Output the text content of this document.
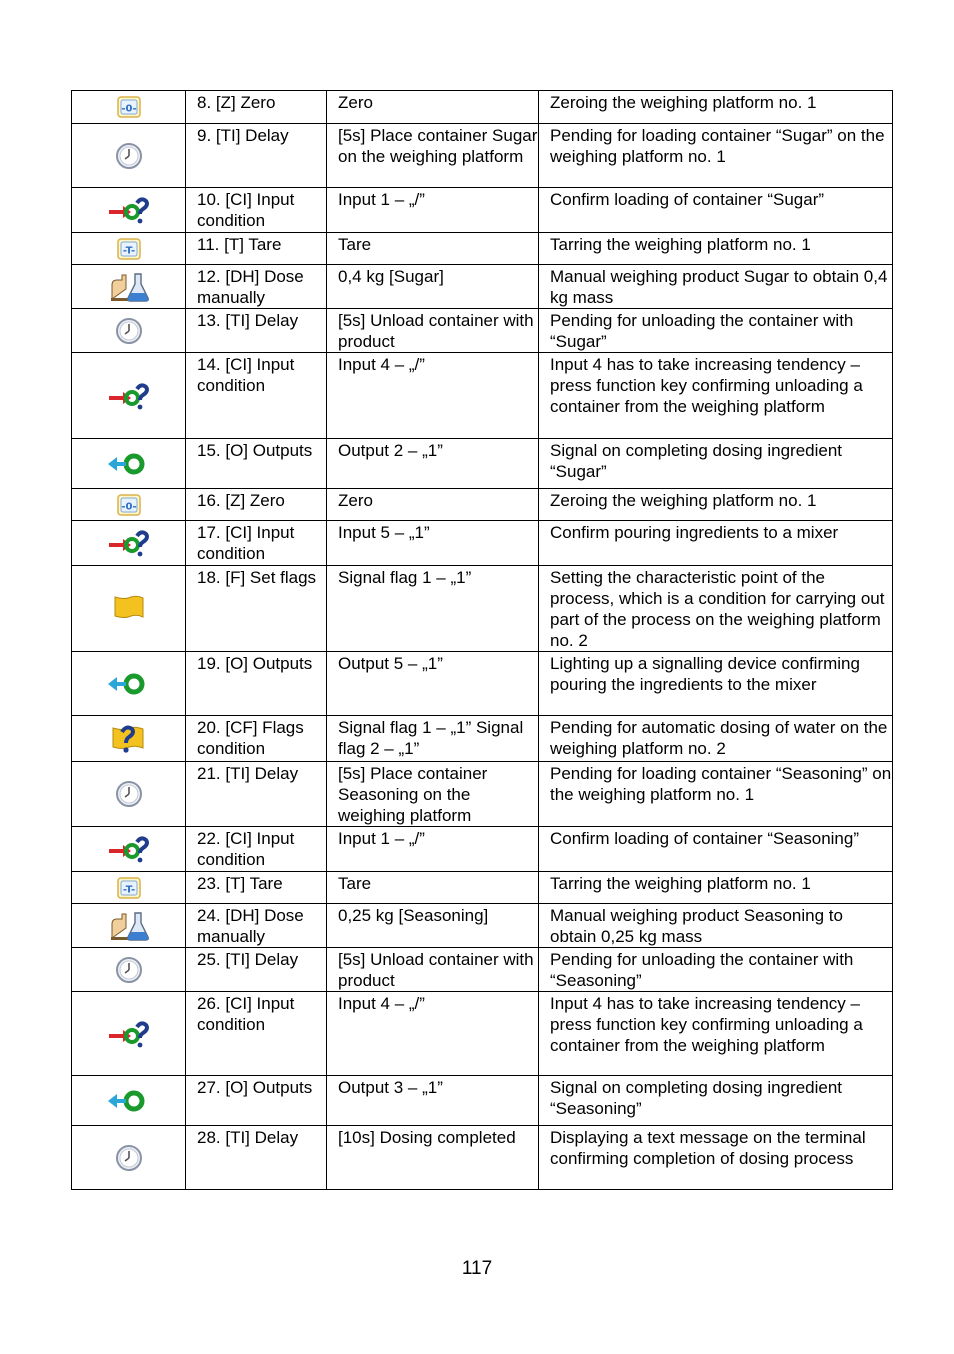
-0-	8. [Z] Zero	Zero	Zeroing the weighing platform no. 1

	9. [TI] Delay	[5s] Place container Sugar on the weighing platform	Pending for loading container “Sugar” on the weighing platform no. 1

	10. [CI] Input condition	Input 1 – „/”	Confirm loading of container “Sugar”

-T-	11. [T] Tare	Tare	Tarring the weighing platform no. 1

	12. [DH] Dose manually	0,4 kg [Sugar]	Manual weighing product Sugar to obtain 0,4 kg mass

	13. [TI] Delay	[5s] Unload container with product	Pending for unloading the container with “Sugar”

	14. [CI] Input condition	Input 4 – „/”	Input 4 has to take increasing tendency – press function key confirming unloading a container from the weighing platform

	15. [O] Outputs	Output 2 – „1”	Signal on completing dosing ingredient “Sugar”

-0-	16. [Z] Zero	Zero	Zeroing the weighing platform no. 1

	17. [CI] Input condition	Input 5 – „1”	Confirm pouring ingredients to a mixer

	18. [F] Set flags	Signal flag 1 – „1”	Setting the characteristic point of the process, which is a condition for carrying out part of the process on the weighing platform no. 2

	19. [O] Outputs	Output 5 – „1”	Lighting up a signalling device confirming pouring the ingredients to the mixer

	20. [CF] Flags condition	Signal flag 1 – „1” Signal flag 2 – „1”	Pending for automatic dosing of water on the weighing platform no. 2

	21. [TI] Delay	[5s] Place container Seasoning on the weighing platform	Pending for loading container “Seasoning” on the weighing platform no. 1

	22. [CI] Input condition	Input 1 – „/”	Confirm loading of container “Seasoning”

-T-	23. [T] Tare	Tare	Tarring the weighing platform no. 1

	24. [DH] Dose manually	0,25 kg [Seasoning]	Manual weighing product Seasoning to obtain 0,25 kg mass

	25. [TI] Delay	[5s] Unload container with product	Pending for unloading the container with “Seasoning”

	26. [CI] Input condition	Input 4 – „/”	Input 4 has to take increasing tendency – press function key confirming unloading a container from the weighing platform

	27. [O] Outputs	Output 3 – „1”	Signal on completing dosing ingredient “Seasoning”

	28. [TI] Delay	[10s] Dosing completed	Displaying a text message on the terminal confirming completion of dosing process
117
